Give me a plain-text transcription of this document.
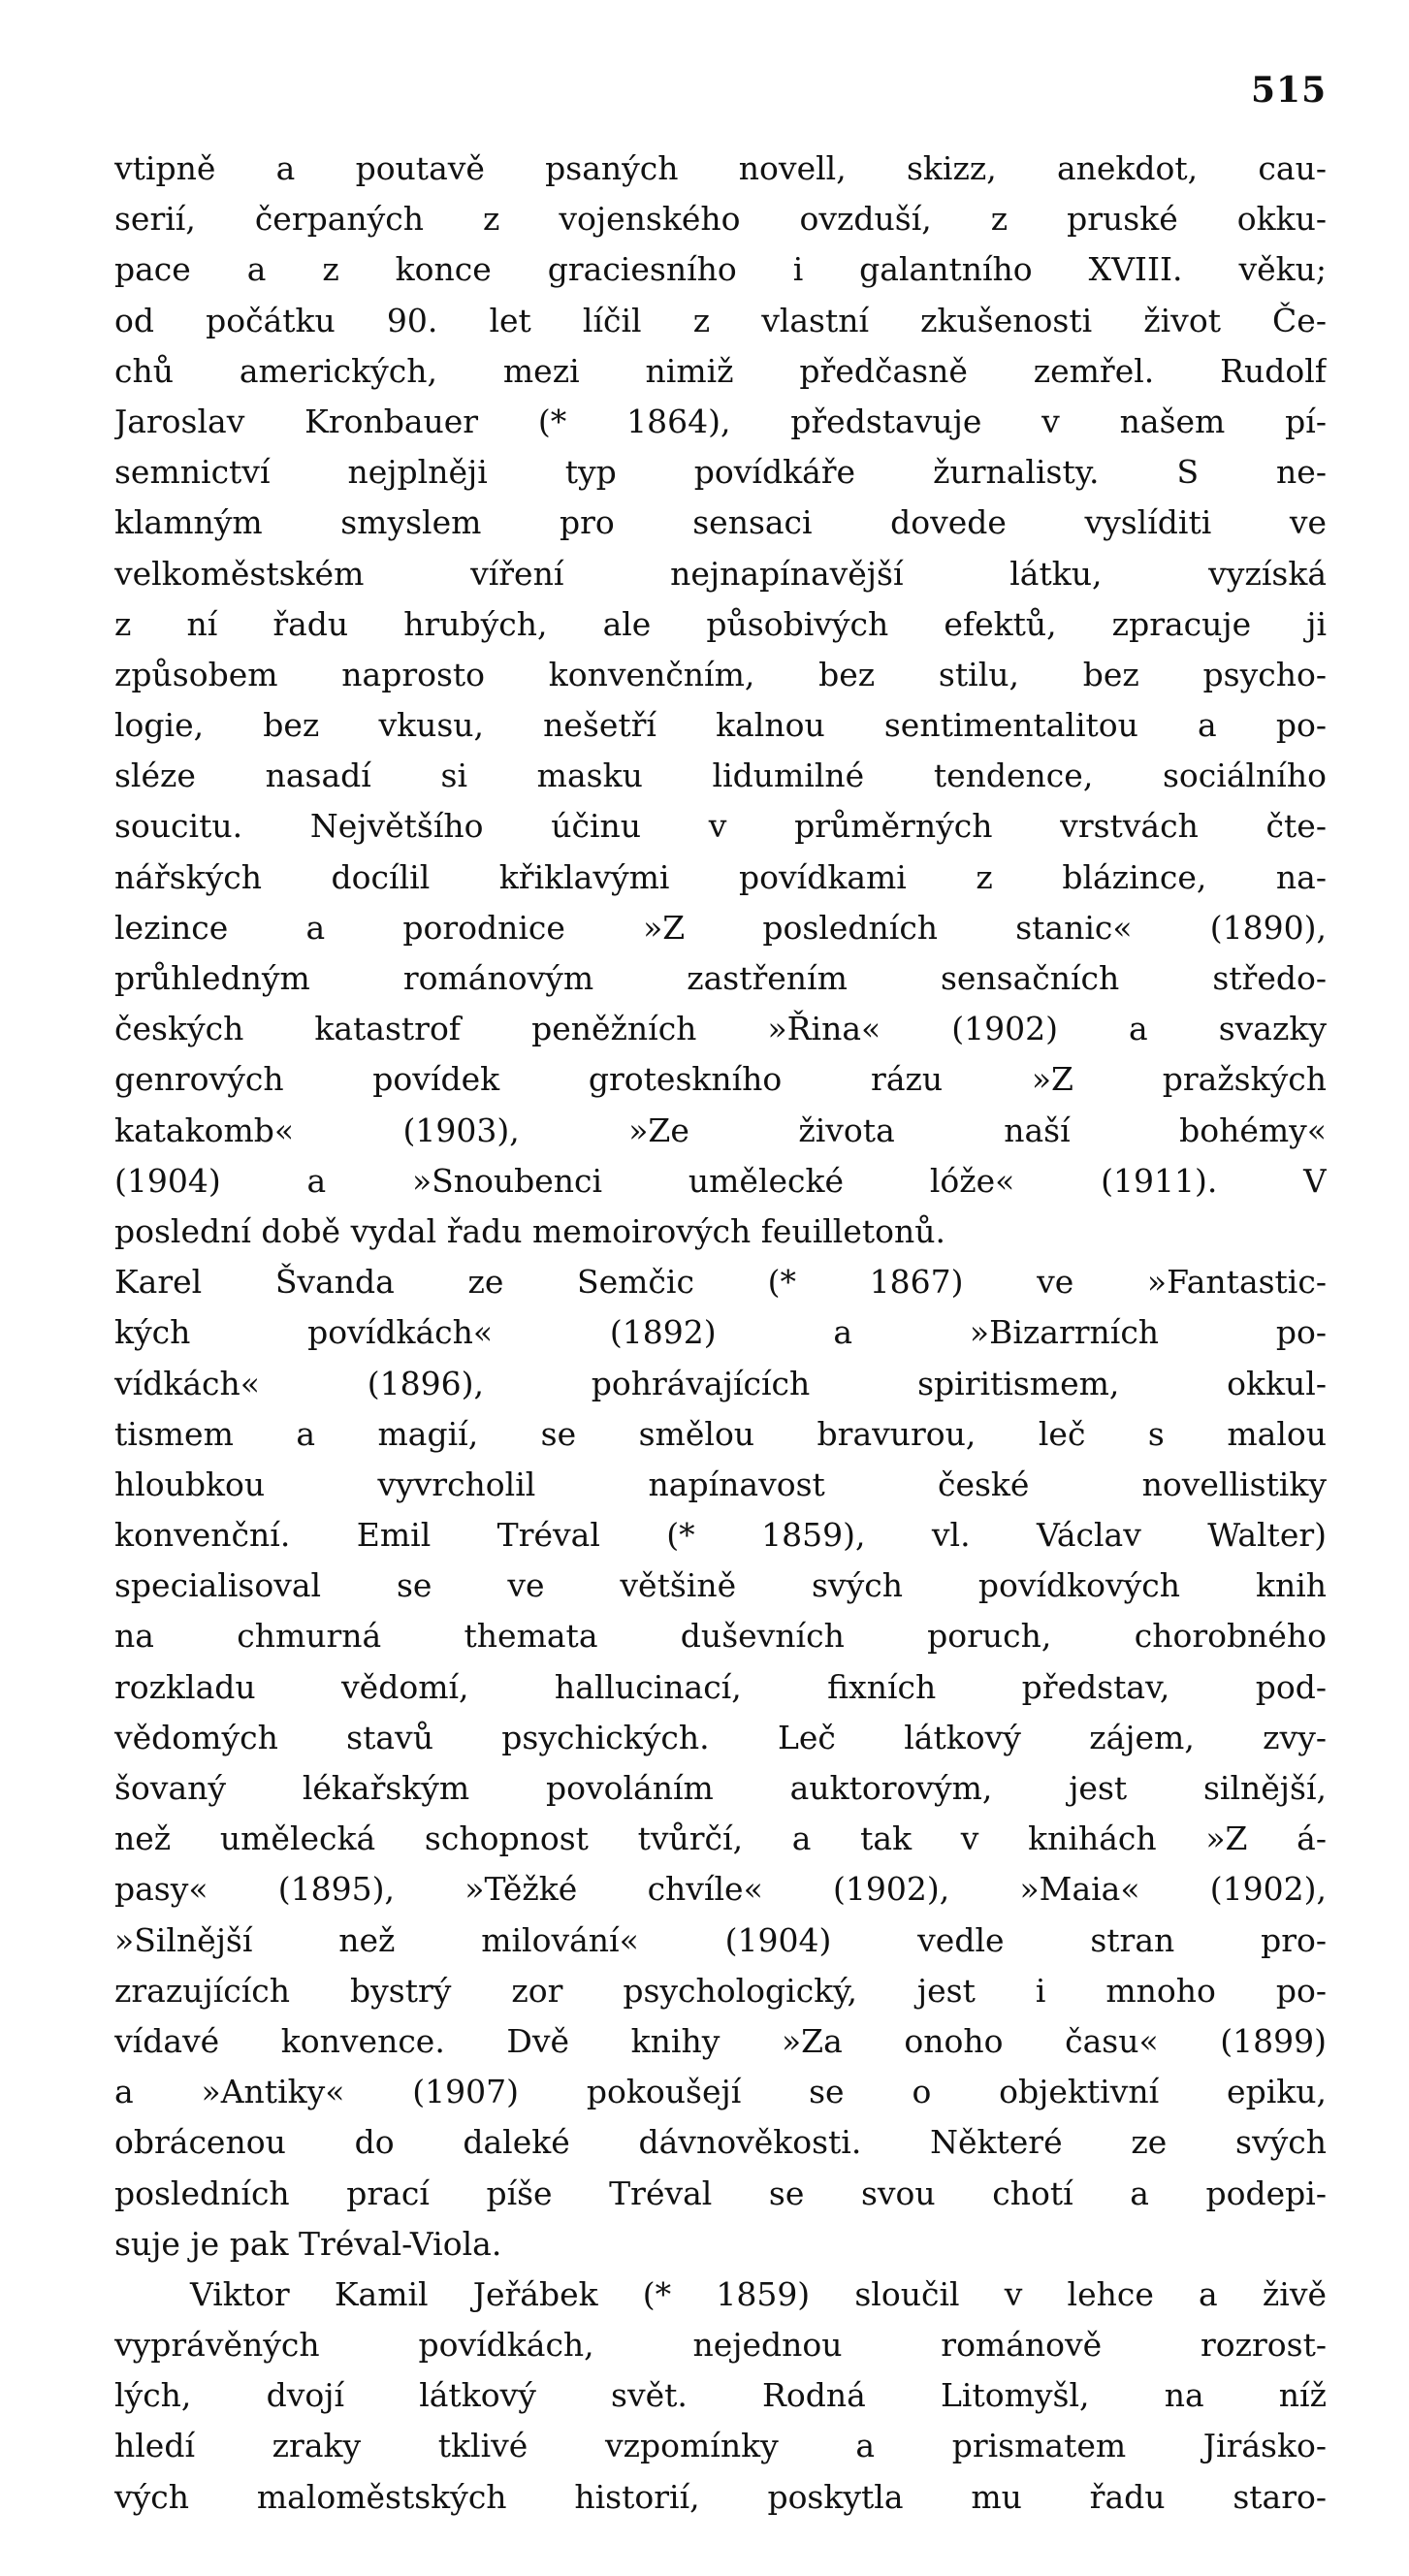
515
vtipně a poutavě psaných novell, skizz, anekdot, cau-
serií, čerpaných z vojenského ovzduší, z pruské okku-
pace a z konce graciesního i galantního XVIII. věku;
od počátku 90. let líčil z vlastní zkušenosti život Če-
chů amerických, mezi nimiž předčasně zemřel. Rudolf
Jaroslav Kronbauer (* 1864), představuje v našem pí-
semnictví nejplněji typ povídkáře žurnalisty. S ne-
klamným smyslem pro sensaci dovede vyslíditi ve
velkoměstském víření nejnapínavější látku, vyzíská
z ní řadu hrubých, ale působivých efektů, zpracuje ji
způsobem naprosto konvenčním, bez stilu, bez psycho-
logie, bez vkusu, nešetří kalnou sentimentalitou a po-
sléze nasadí si masku lidumilné tendence, sociálního
soucitu. Největšího účinu v průměrných vrstvách čte-
nářských docílil křiklavými povídkami z blázince, na-
lezince a porodnice »Z posledních stanic« (1890),
průhledným románovým zastřením sensačních středo-
českých katastrof peněžních »Řina« (1902) a svazky
genrových povídek groteskního rázu »Z pražských
katakomb« (1903), »Ze života naší bohémy«
(1904) a »Snoubenci umělecké lóže« (1911). V
poslední době vydal řadu memoirových feuilletonů.
Karel Švanda ze Semčic (* 1867) ve »Fantastic-
kých povídkách« (1892) a »Bizarrních po-
vídkách« (1896), pohrávajících spiritismem, okkul-
tismem a magií, se smělou bravurou, leč s malou
hloubkou vyvrcholil napínavost české novellistiky
konvenční. Emil Tréval (* 1859), vl. Václav Walter)
specialisoval se ve většině svých povídkových knih
na chmurná themata duševních poruch, chorobného
rozkladu vědomí, hallucinací, fixních představ, pod-
vědomých stavů psychických. Leč látkový zájem, zvy-
šovaný lékařským povoláním auktorovým, jest silnější,
než umělecká schopnost tvůrčí, a tak v knihách »Z á-
pasy« (1895), »Těžké chvíle« (1902), »Maia« (1902),
»Silnější než milování« (1904) vedle stran pro-
zrazujících bystrý zor psychologický, jest i mnoho po-
vídavé konvence. Dvě knihy »Za onoho času« (1899)
a »Antiky« (1907) pokoušejí se o objektivní epiku,
obrácenou do daleké dávnověkosti. Některé ze svých
posledních prací píše Tréval se svou chotí a podepi-
suje je pak Tréval-Viola.
Viktor Kamil Jeřábek (* 1859) sloučil v lehce a živě
vyprávěných povídkách, nejednou románově rozrost-
lých, dvojí látkový svět. Rodná Litomyšl, na níž
hledí zraky tklivé vzpomínky a prismatem Jirásko-
vých maloměstských historií, poskytla mu řadu staro-
